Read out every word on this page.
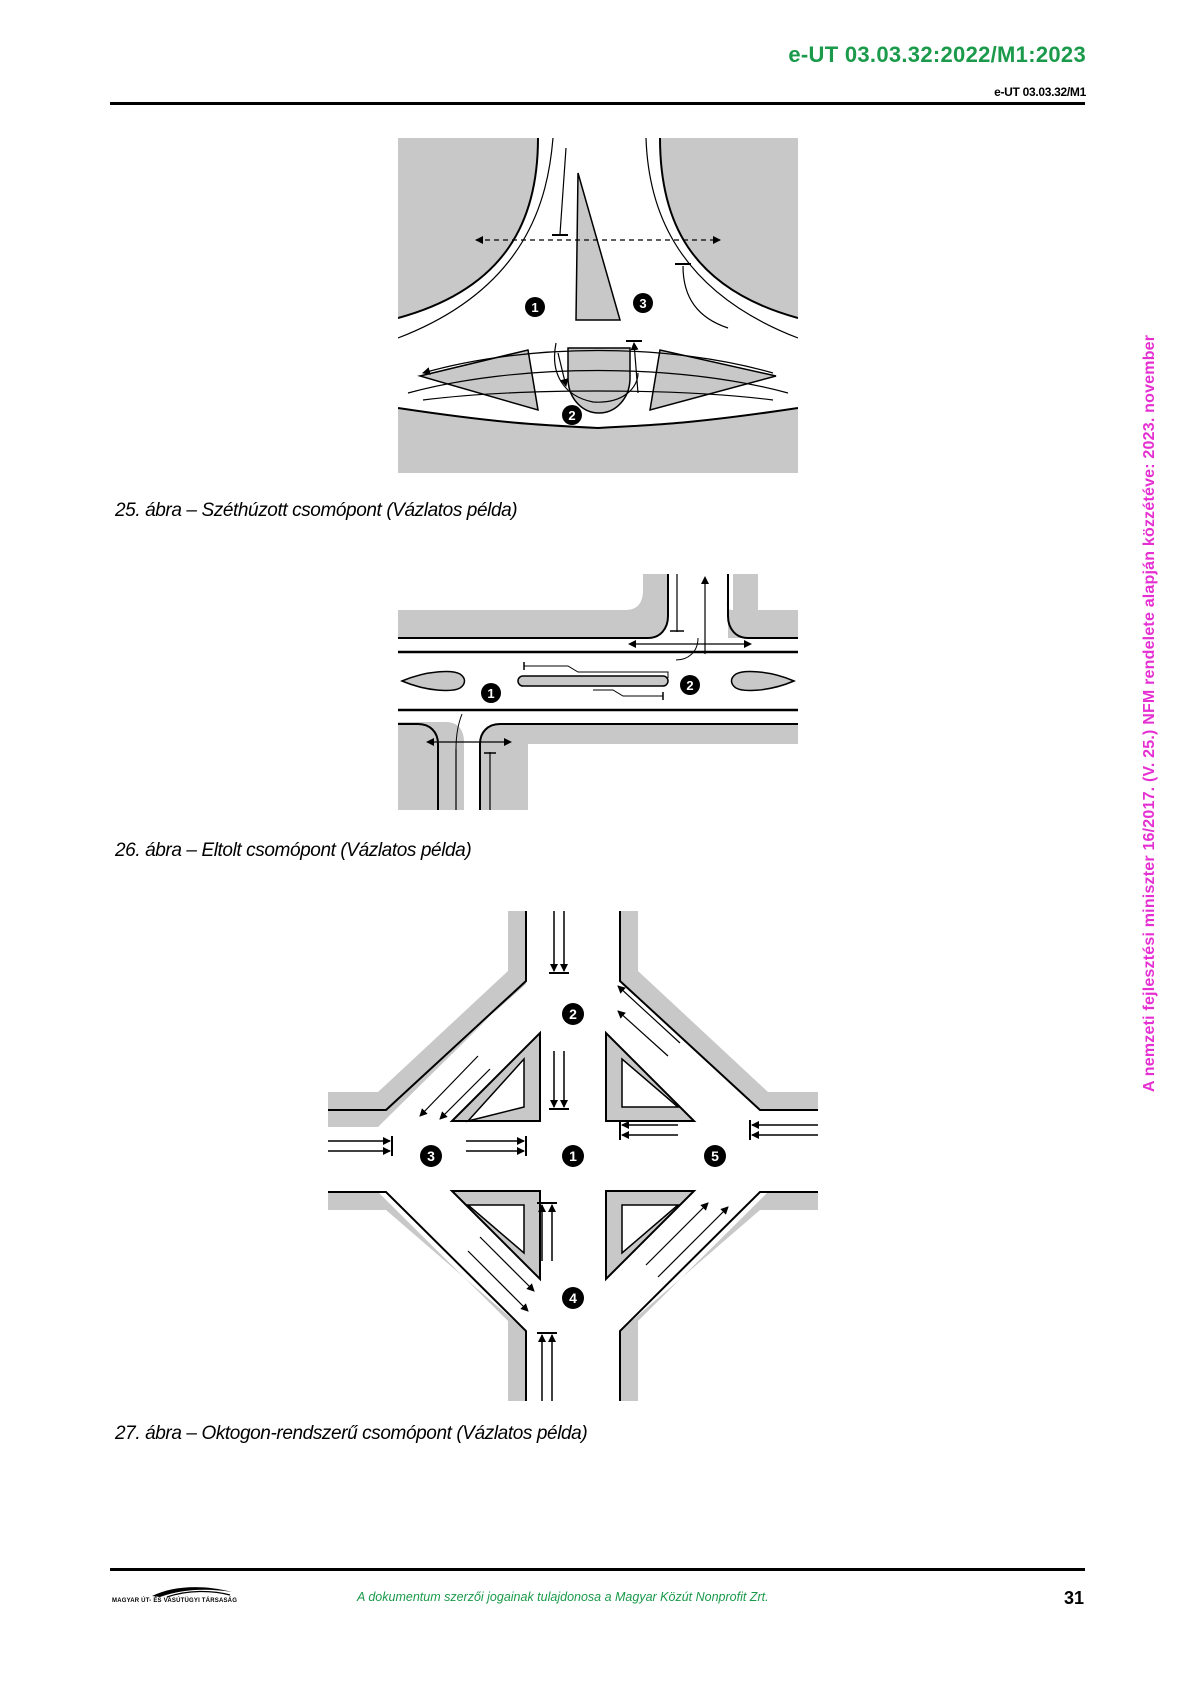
e-UT 03.03.32:2022/M1:2023
e-UT 03.03.32/M1
1
2
3
25. ábra – Széthúzott csomópont (Vázlatos példa)
1
2
26. ábra – Eltolt csomópont (Vázlatos példa)
1
2
3
4
5
27. ábra – Oktogon-rendszerű csomópont (Vázlatos példa)
A nemzeti fejlesztési miniszter 16/2017. (V. 25.) NFM rendelete alapján közzétéve: 2023. november
MAGYAR ÚT- ÉS VASÚTÜGYI TÁRSASÁG	A dokumentum szerzői jogainak tulajdonosa a Magyar Közút Nonprofit Zrt.	31
